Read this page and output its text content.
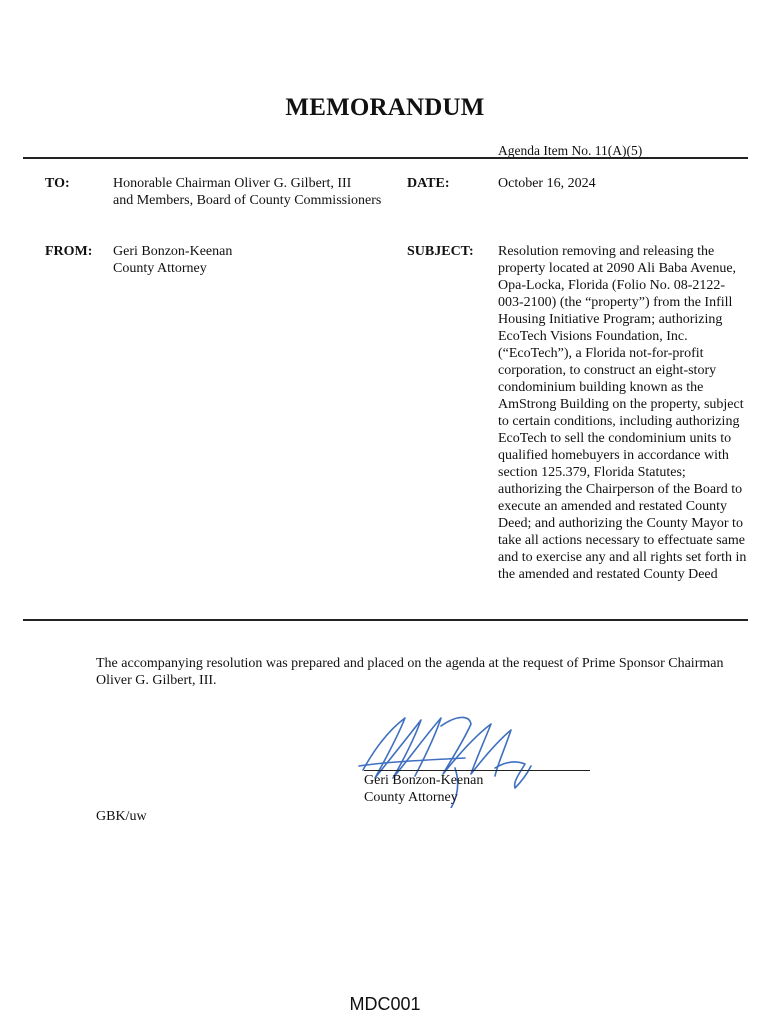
MEMORANDUM
Agenda Item No. 11(A)(5)
TO:	Honorable Chairman Oliver G. Gilbert, III
and Members, Board of County Commissioners
DATE:	October 16, 2024
FROM: Geri Bonzon-Keenan
County Attorney
SUBJECT: Resolution removing and releasing the property located at 2090 Ali Baba Avenue, Opa-Locka, Florida (Folio No. 08-2122-003-2100) (the “property”) from the Infill Housing Initiative Program; authorizing EcoTech Visions Foundation, Inc. (“EcoTech”), a Florida not-for-profit corporation, to construct an eight-story condominium building known as the AmStrong Building on the property, subject to certain conditions, including authorizing EcoTech to sell the condominium units to qualified homebuyers in accordance with section 125.379, Florida Statutes; authorizing the Chairperson of the Board to execute an amended and restated County Deed; and authorizing the County Mayor to take all actions necessary to effectuate same and to exercise any and all rights set forth in the amended and restated County Deed
The accompanying resolution was prepared and placed on the agenda at the request of Prime Sponsor Chairman Oliver G. Gilbert, III.
Geri Bonzon-Keenan
County Attorney
GBK/uw
MDC001
